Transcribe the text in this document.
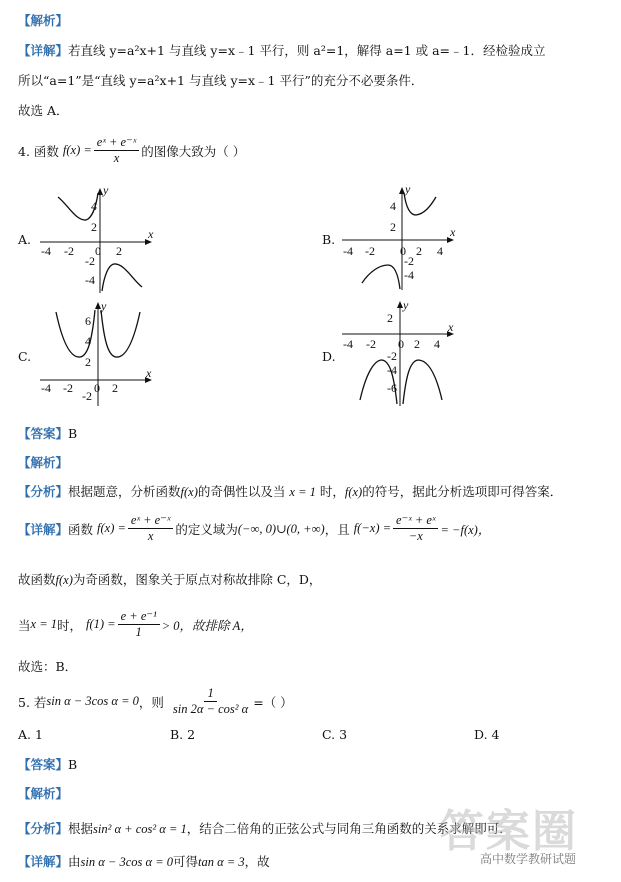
【解析】
【详解】若直线 y=a²x+1 与直线 y=x﹣1 平行，则 a²=1，解得 a=1 或 a=﹣1．经检验成立
所以“a=1”是“直线 y=a²x+1 与直线 y=x﹣1 平行”的充分不必要条件．
故选 A．
4. 函数
$f(x) = \frac{\text{eˣ + e⁻ˣ}}{x}$ 的图像大致为（ ）
A.	x
y
-4 -2 0 2
4
2
-2
-4
B.	x
y
-4 -2 0 2 4
4
2
-2
-4
C.
x
y
-4 -2 0 2
6
4
2
-2
D.
x
y
-4 -2 0 2 4
2
-2
-4
-6
【答案】B
【解析】
【分析】根据题意，分析函数f(x)的奇偶性以及当 x = 1 时，f(x)的符号，据此分析选项即可得答案．
【详解】 函数
$f(x) = \frac{\text{eˣ + e⁻ˣ}}{x}$ 的定义域为 (−∞, 0)∪(0, +∞) ，且
$f(-x) = \frac{\text{e⁻ˣ + eˣ}}{-x} = -f(x)$，
故函数f(x)为奇函数，图象关于原点对称故排除 C，D，
当 x = 1 时，
$f(1) = \frac{\text{e + e⁻¹}}{1} > 0$，故排除 A，
故选：B．
5. 若 sin α − 3cos α = 0 ，则
$\frac{1}{\text{sin 2α − cos² α}}$ =（ ）
A. 1	B. 2	C. 3	D. 4
【答案】B
【解析】
【分析】根据sin² α + cos² α = 1，结合二倍角的正弦公式与同角三角函数的关系求解即可．
【详解】由sin α − 3cos α = 0可得tan α = 3，故
答案圈
高中数学教研试题
